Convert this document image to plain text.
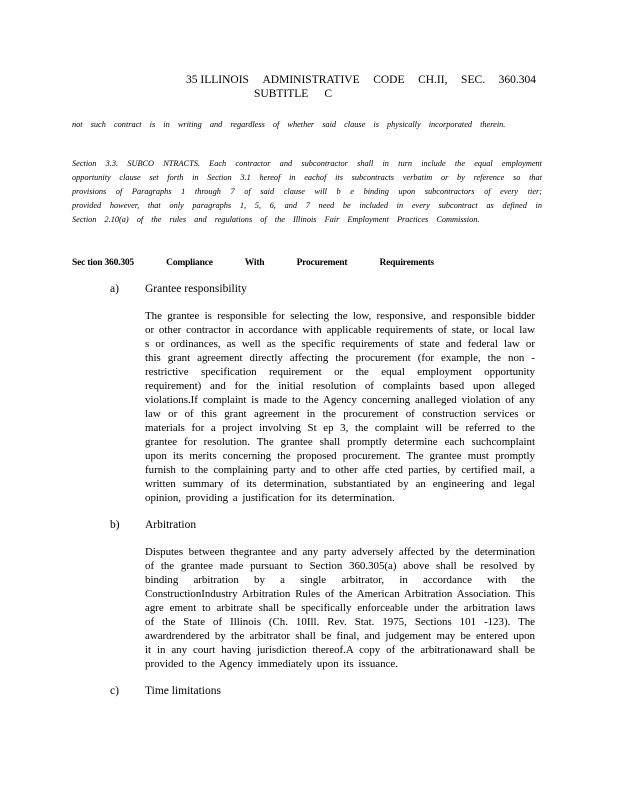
35 ILLINOIS ADMINISTRATIVE CODE CH.II, SEC. 360.304
SUBTITLE C
not such contract is in writing and regardless of whether said clause is physically incorporated therein.
Section 3.3. SUBCO NTRACTS. Each contractor and subcontractor shall in turn include the equal employment opportunity clause set forth in Section 3.1 hereof in eachof its subcontracts verbatim or by reference so that provisions of Paragraphs 1 through 7 of said clause will b e binding upon subcontractors of every tier; provided however, that only paragraphs 1, 5, 6, and 7 need be included in every subcontract as defined in Section 2.10(a) of the rules and regulations of the Illinois Fair Employment Practices Commission.
Sec tion 360.305	Compliance	With	Procurement	Requirements
a) Grantee responsibility
The grantee is responsible for selecting the low, responsive, and responsible bidder or other contractor in accordance with applicable requirements of state, or local law s or ordinances, as well as the specific requirements of state and federal law or this grant agreement directly affecting the procurement (for example, the non -restrictive specification requirement or the equal employment opportunity requirement) and for the initial resolution of complaints based upon alleged violations.If complaint is made to the Agency concerning analleged violation of any law or of this grant agreement in the procurement of construction services or materials for a project involving St ep 3, the complaint will be referred to the grantee for resolution. The grantee shall promptly determine each suchcomplaint upon its merits concerning the proposed procurement. The grantee must promptly furnish to the complaining party and to other affe cted parties, by certified mail, a written summary of its determination, substantiated by an engineering and legal opinion, providing a justification for its determination.
b) Arbitration
Disputes between thegrantee and any party adversely affected by the determination of the grantee made pursuant to Section 360.305(a) above shall be resolved by binding arbitration by a single arbitrator, in accordance with the ConstructionIndustry Arbitration Rules of the American Arbitration Association. This agre ement to arbitrate shall be specifically enforceable under the arbitration laws of the State of Illinois (Ch. 10Ill. Rev. Stat. 1975, Sections 101 -123). The awardrendered by the arbitrator shall be final, and judgement may be entered upon it in any court having jurisdiction thereof.A copy of the arbitrationaward shall be provided to the Agency immediately upon its issuance.
c) Time limitations
